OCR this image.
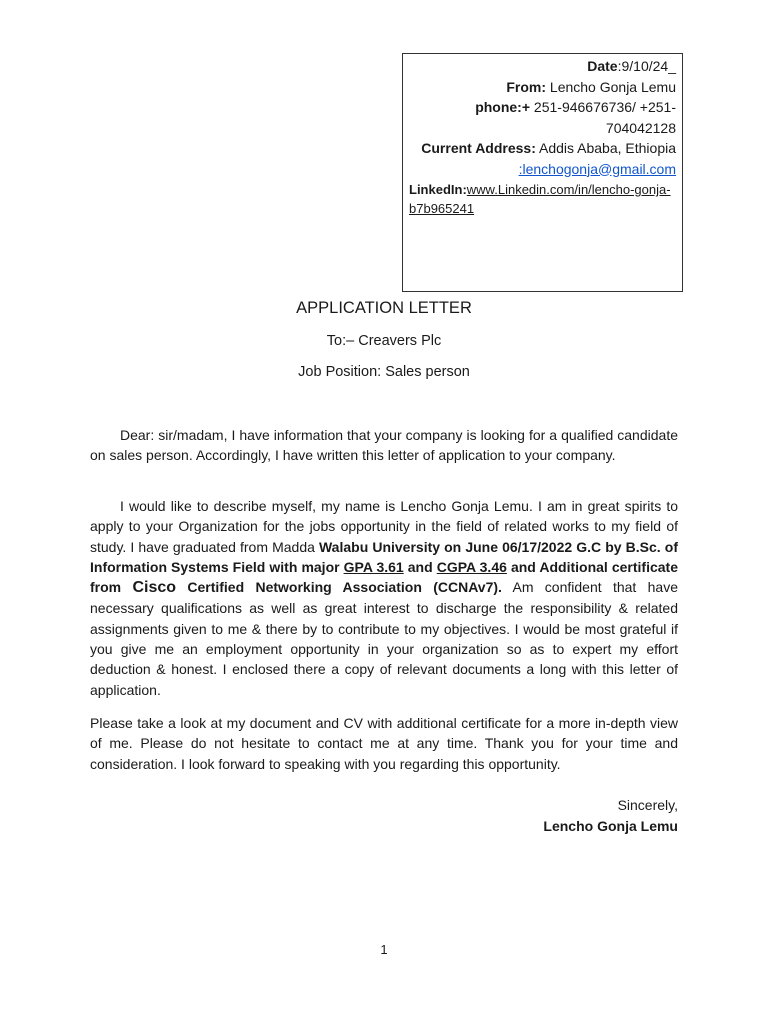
Date:9/10/24_
From: Lencho Gonja Lemu
phone:+ 251-946676736/ +251-
704042128
Current Address: Addis Ababa, Ethiopia
:lenchogonja@gmail.com
LinkedIn:www.Linkedin.com/in/lencho-gonja-b7b965241
APPLICATION LETTER
To:– Creavers Plc
Job Position: Sales person
Dear: sir/madam, I have information that your company is looking for a qualified candidate on sales person. Accordingly, I have written this letter of application to your company.
I would like to describe myself, my name is Lencho Gonja Lemu. I am in great spirits to apply to your Organization for the jobs opportunity in the field of related works to my field of study. I have graduated from Madda Walabu University on June 06/17/2022 G.C by B.Sc. of Information Systems Field with major GPA 3.61 and CGPA 3.46 and Additional certificate from Cisco Certified Networking Association (CCNAv7). Am confident that have necessary qualifications as well as great interest to discharge the responsibility & related assignments given to me & there by to contribute to my objectives. I would be most grateful if you give me an employment opportunity in your organization so as to expert my effort deduction & honest. I enclosed there a copy of relevant documents a long with this letter of application.
Please take a look at my document and CV with additional certificate for a more in-depth view of me. Please do not hesitate to contact me at any time. Thank you for your time and consideration. I look forward to speaking with you regarding this opportunity.
Sincerely,
Lencho Gonja Lemu
1
